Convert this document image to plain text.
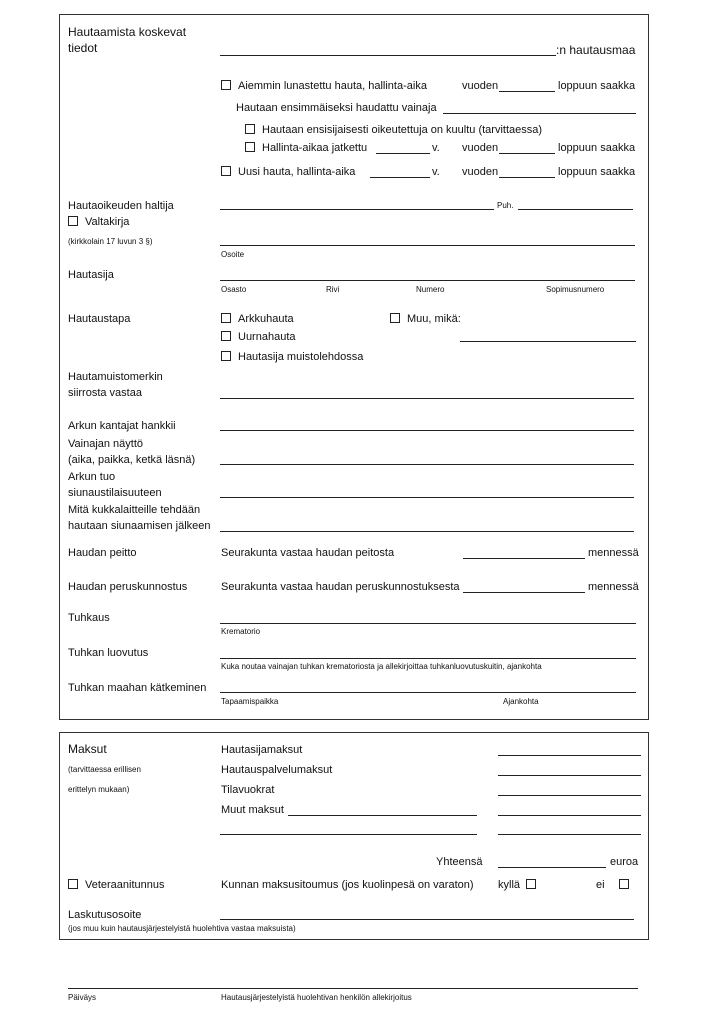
Hautaamista koskevat
tiedot	:n hautausmaa
Aiemmin lunastettu hauta, hallinta-aika	vuoden	loppuun saakka
Hautaan ensimmäiseksi haudattu vainaja
Hautaan ensisijaisesti oikeutettuja on kuultu (tarvittaessa)
Hallinta-aikaa jatkettu	v. vuoden	loppuun saakka
Uusi hauta, hallinta-aika	v. vuoden	loppuun saakka
Hautaoikeuden haltija	Puh.
Valtakirja
(kirkkolain 17 luvun 3 §)
Osoite
Hautasija
Osasto	Rivi	Numero	Sopimusnumero
Hautaustapa	Arkkuhauta	Muu, mikä:
Uurnahauta
Hautasija muistolehdossa
Hautamuistomerkin
siirrosta vastaa
Arkun kantajat hankkii
Vainajan näyttö
(aika, paikka, ketkä läsnä)
Arkun tuo
siunaustilaisuuteen
Mitä kukkalaitteille tehdään
hautaan siunaamisen jälkeen
Haudan peitto	Seurakunta vastaa haudan peitosta	mennessä
Haudan peruskunnostus	Seurakunta vastaa haudan peruskunnostuksesta	mennessä
Tuhkaus
Krematorio
Tuhkan luovutus
Kuka noutaa vainajan tuhkan krematoriosta ja allekirjoittaa tuhkanluovutuskuitin, ajankohta
Tuhkan maahan kätkeminen
Tapaamispaikka	Ajankohta
Maksut
(tarvittaessa erillisen
erittelyn mukaan)
Hautasijamaksut
Hautauspalvelumaksut
Tilavuokrat
Muut maksut
Yhteensä	euroa
Veteraanitunnus	Kunnan maksusitoumus (jos kuolinpesä on varaton) kyllä	ei
Laskutusosoite
(jos muu kuin hautausjärjestelyistä huolehtiva vastaa maksuista)
Päiväys	Hautausjärjestelyistä huolehtivan henkilön allekirjoitus
